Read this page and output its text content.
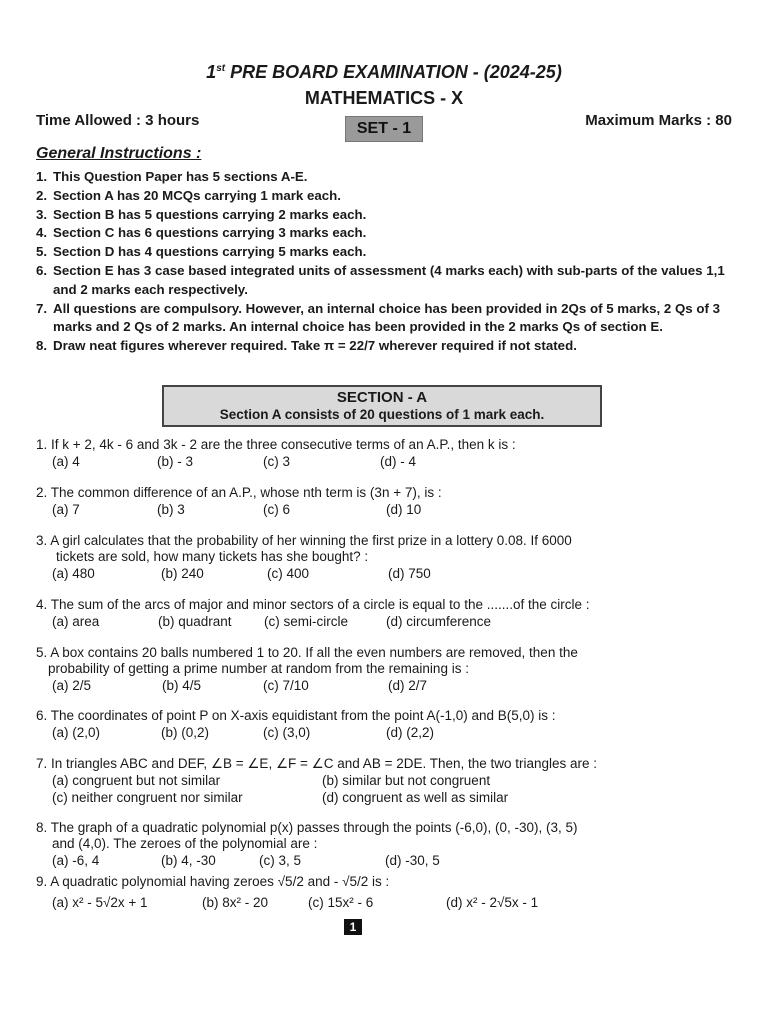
1st PRE BOARD EXAMINATION - (2024-25)
MATHEMATICS - X
Time Allowed : 3 hours	SET - 1	Maximum Marks : 80
General Instructions :
1. This Question Paper has 5 sections A-E.
2. Section A has 20 MCQs carrying 1 mark each.
3. Section B has 5 questions carrying 2 marks each.
4. Section C has 6 questions carrying 3 marks each.
5. Section D has 4 questions carrying 5 marks each.
6. Section E has 3 case based integrated units of assessment (4 marks each) with sub-parts of the values 1,1 and 2 marks each respectively.
7. All questions are compulsory. However, an internal choice has been provided in 2Qs of 5 marks, 2 Qs of 3 marks and 2 Qs of 2 marks. An internal choice has been provided in the 2 marks Qs of section E.
8. Draw neat figures wherever required. Take π = 22/7 wherever required if not stated.
SECTION - A
Section A consists of 20 questions of 1 mark each.
1. If k + 2, 4k - 6 and 3k - 2 are the three consecutive terms of an A.P., then k is :
(a) 4	(b) - 3	(c) 3	(d) - 4
2. The common difference of an A.P., whose nth term is (3n + 7), is :
(a) 7	(b) 3	(c) 6	(d) 10
3. A girl calculates that the probability of her winning the first prize in a lottery 0.08. If 6000
tickets are sold, how many tickets has she bought? :
(a) 480	(b) 240	(c) 400	(d) 750
4. The sum of the arcs of major and minor sectors of a circle is equal to the .......of the circle :
(a) area	(b) quadrant (c) semi-circle	(d) circumference
5. A box contains 20 balls numbered 1 to 20. If all the even numbers are removed, then the
probability of getting a prime number at random from the remaining is :
(a) 2/5	(b) 4/5	(c) 7/10	(d) 2/7
6. The coordinates of point P on X-axis equidistant from the point A(-1,0) and B(5,0) is :
(a) (2,0)	(b) (0,2)	(c) (3,0)	(d) (2,2)
7. In triangles ABC and DEF, ∠B = ∠E, ∠F = ∠C and AB = 2DE. Then, the two triangles are :
(a) congruent but not similar	(b) similar but not congruent
(c) neither congruent nor similar	(d) congruent as well as similar
8. The graph of a quadratic polynomial p(x) passes through the points (-6,0), (0, -30), (3, 5)
and (4,0). The zeroes of the polynomial are :
(a) -6, 4	(b) 4, -30	(c) 3, 5	(d) -30, 5
9. A quadratic polynomial having zeroes √5/2 and - √5/2 is :
(a) x² - 5√2x + 1	(b) 8x² - 20	(c) 15x² - 6	(d) x² - 2√5x - 1
1
